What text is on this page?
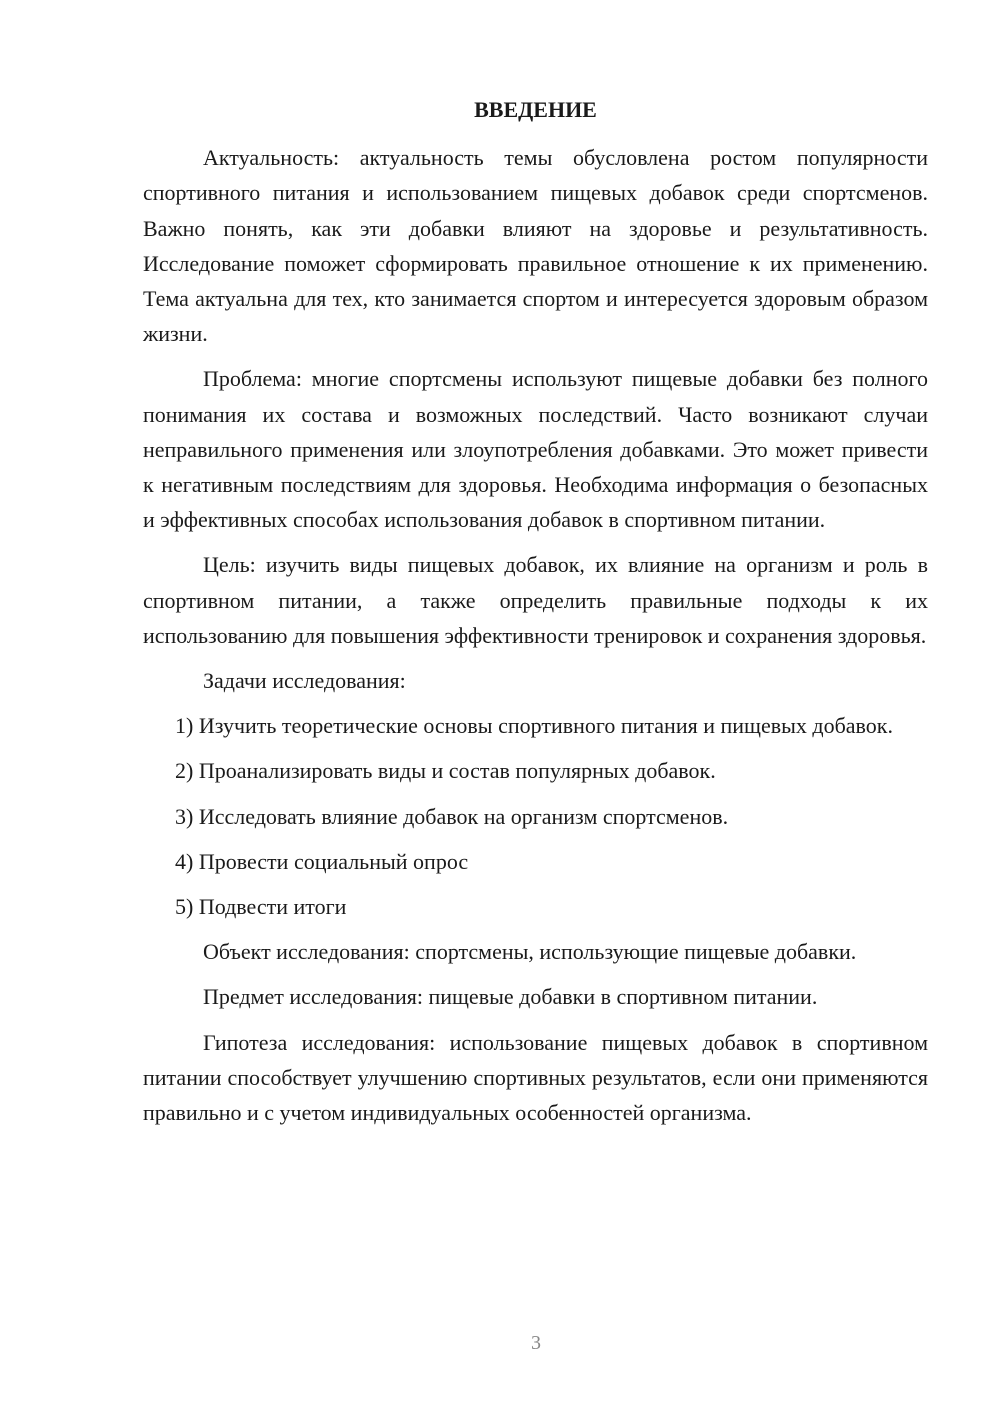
ВВЕДЕНИЕ

Актуальность: актуальность темы обусловлена ростом популярности спортивного питания и использованием пищевых добавок среди спортсменов. Важно понять, как эти добавки влияют на здоровье и результативность. Исследование поможет сформировать правильное отношение к их применению. Тема актуальна для тех, кто занимается спортом и интересуется здоровым образом жизни.

Проблема: многие спортсмены используют пищевые добавки без полного понимания их состава и возможных последствий. Часто возникают случаи неправильного применения или злоупотребления добавками. Это может привести к негативным последствиям для здоровья. Необходима информация о безопасных и эффективных способах использования добавок в спортивном питании.

Цель: изучить виды пищевых добавок, их влияние на организм и роль в спортивном питании, а также определить правильные подходы к их использованию для повышения эффективности тренировок и сохранения здоровья.

Задачи исследования:

1) Изучить теоретические основы спортивного питания и пищевых добавок.

2) Проанализировать виды и состав популярных добавок.

3) Исследовать влияние добавок на организм спортсменов.

4) Провести социальный опрос

5) Подвести итоги

Объект исследования: спортсмены, использующие пищевые добавки.

Предмет исследования: пищевые добавки в спортивном питании.

Гипотеза исследования: использование пищевых добавок в спортивном питании способствует улучшению спортивных результатов, если они применяются правильно и с учетом индивидуальных особенностей организма.

3
